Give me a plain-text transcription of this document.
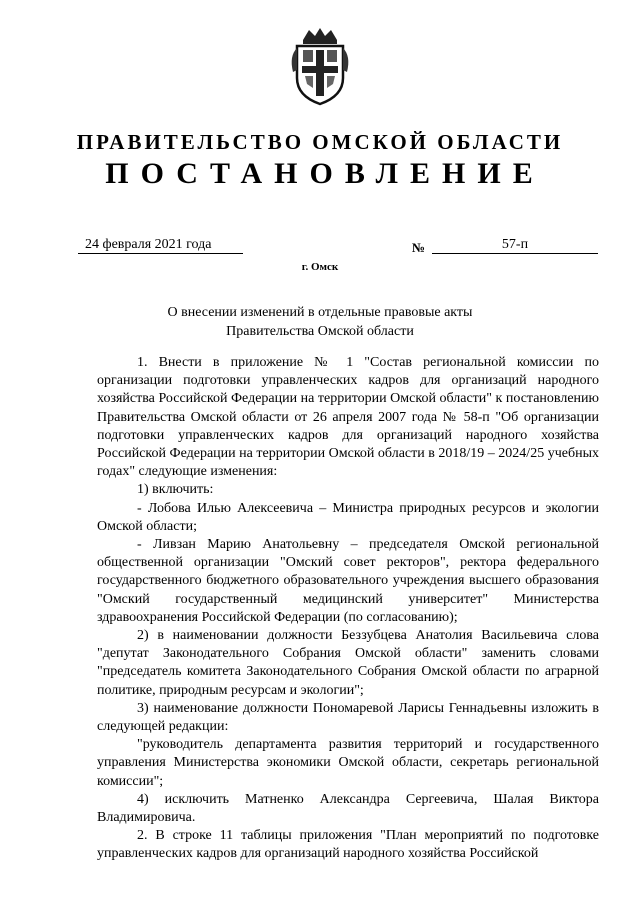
ПРАВИТЕЛЬСТВО ОМСКОЙ ОБЛАСТИ
ПОСТАНОВЛЕНИЕ
24 февраля 2021 года	№	57-п
г. Омск
О внесении изменений в отдельные правовые акты
Правительства Омской области

1. Внести в приложение № 1 "Состав региональной комиссии по организации подготовки управленческих кадров для организаций народного хозяйства Российской Федерации на территории Омской области" к постановлению Правительства Омской области от 26 апреля 2007 года № 58-п "Об организации подготовки управленческих кадров для организаций народного хозяйства Российской Федерации на территории Омской области в 2018/19 – 2024/25 учебных годах" следующие изменения:

1) включить:

- Лобова Илью Алексеевича – Министра природных ресурсов и экологии Омской области;

- Ливзан Марию Анатольевну – председателя Омской региональной общественной организации "Омский совет ректоров", ректора федерального государственного бюджетного образовательного учреждения высшего образования "Омский государственный медицинский университет" Министерства здравоохранения Российской Федерации (по согласованию);

2) в наименовании должности Беззубцева Анатолия Васильевича слова "депутат Законодательного Собрания Омской области" заменить словами "председатель комитета Законодательного Собрания Омской области по аграрной политике, природным ресурсам и экологии";

3) наименование должности Пономаревой Ларисы Геннадьевны изложить в следующей редакции:

"руководитель департамента развития территорий и государственного управления Министерства экономики Омской области, секретарь региональной комиссии";

4) исключить Матненко Александра Сергеевича, Шалая Виктора Владимировича.

2. В строке 11 таблицы приложения "План мероприятий по подготовке управленческих кадров для организаций народного хозяйства Российской
